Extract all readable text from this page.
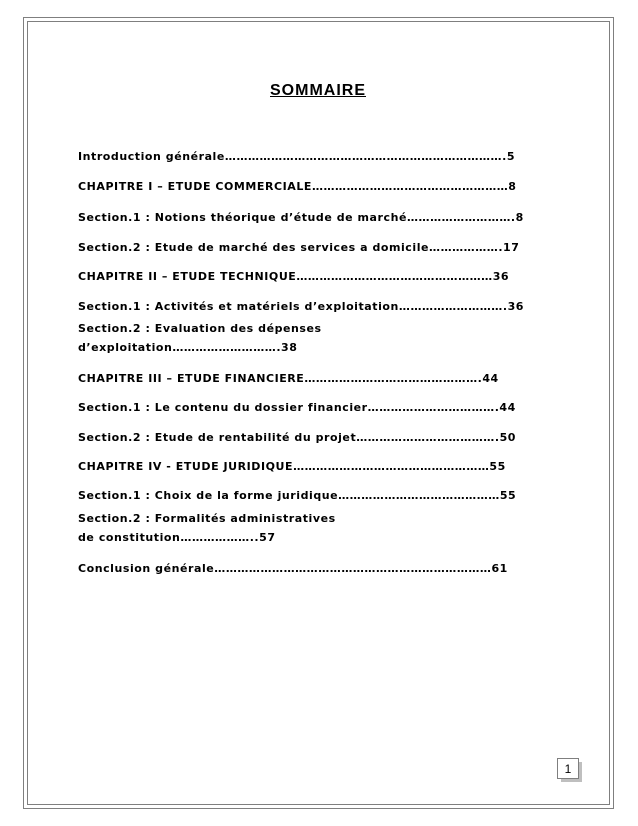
SOMMAIRE
Introduction générale……………………………………………………………….5
CHAPITRE I – ETUDE COMMERCIALE……………………………………………8
Section.1 : Notions théorique d’étude de marché……………………….8
Section.2 : Etude de marché des services a domicile……………….17
CHAPITRE II – ETUDE TECHNIQUE……………………………………………36
Section.1 : Activités et matériels d’exploitation……………………….36
Section.2 : Evaluation des dépenses d’exploitation……………………….38
CHAPITRE III – ETUDE FINANCIERE……………………………………….44
Section.1 : Le contenu du dossier financier…………………………….44
Section.2 : Etude de rentabilité du projet……………………………….50
CHAPITRE IV - ETUDE JURIDIQUE……………………………………………55
Section.1 : Choix de la forme juridique……………………………………55
Section.2 : Formalités administratives de constitution………………..57
Conclusion générale………………………………………………………………61
1
